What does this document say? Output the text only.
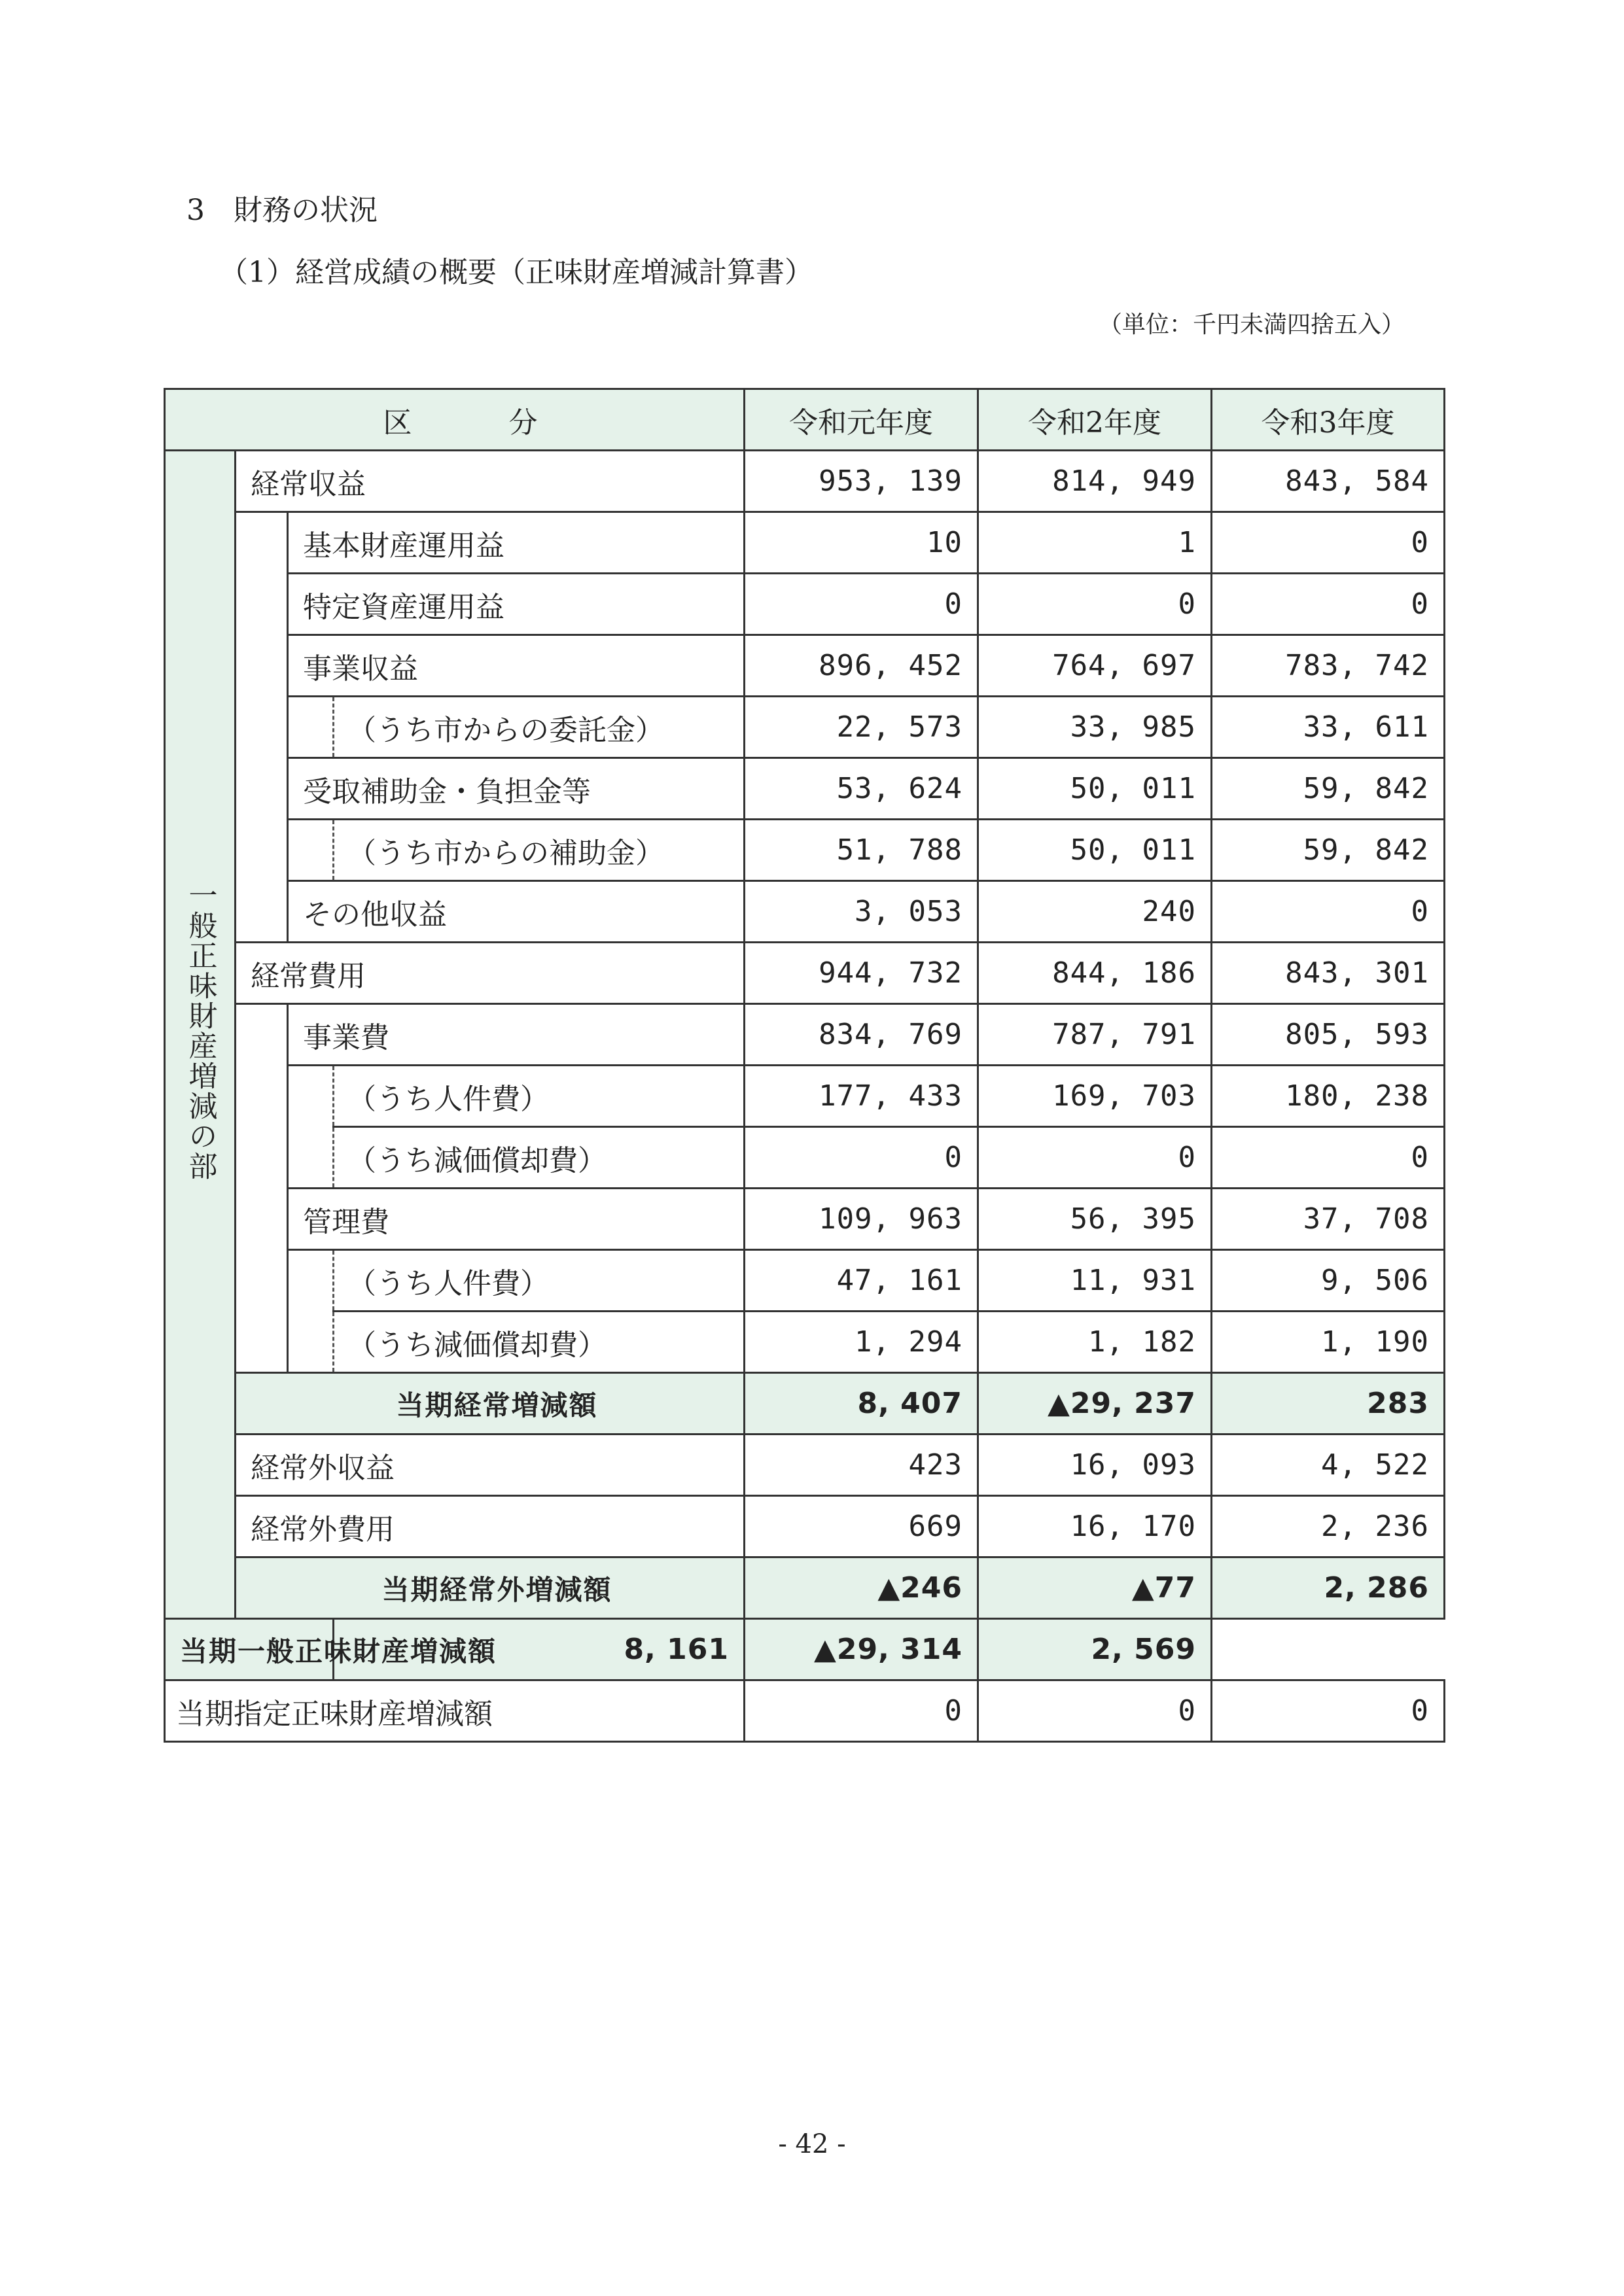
3　財務の状況
（1）経営成績の概要（正味財産増減計算書）
（単位：千円未満四捨五入）
区　　　分				令和元年度	令和2年度	令和3年度
一般正味財産増減の部	経常収益			953, 139	814, 949	843, 584
		基本財産運用益		10	1	0
		特定資産運用益		0	0	0
		事業収益		896, 452	764, 697	783, 742
			（うち市からの委託金）	22, 573	33, 985	33, 611
		受取補助金・負担金等		53, 624	50, 011	59, 842
			（うち市からの補助金）	51, 788	50, 011	59, 842
		その他収益		3, 053	240	0
	経常費用			944, 732	844, 186	843, 301
		事業費		834, 769	787, 791	805, 593
			（うち人件費）	177, 433	169, 703	180, 238
			（うち減価償却費）	0	0	0
		管理費		109, 963	56, 395	37, 708
			（うち人件費）	47, 161	11, 931	9, 506
			（うち減価償却費）	1, 294	1, 182	1, 190
	当期経常増減額			8, 407	▲29, 237	283
	経常外収益			423	16, 093	4, 522
	経常外費用			669	16, 170	2, 236
	当期経常外増減額			▲246	▲77	2, 286
当期一般正味財産増減額			8, 161	▲29, 314	2, 569	
当期指定正味財産増減額				0	0	0
- 42 -
